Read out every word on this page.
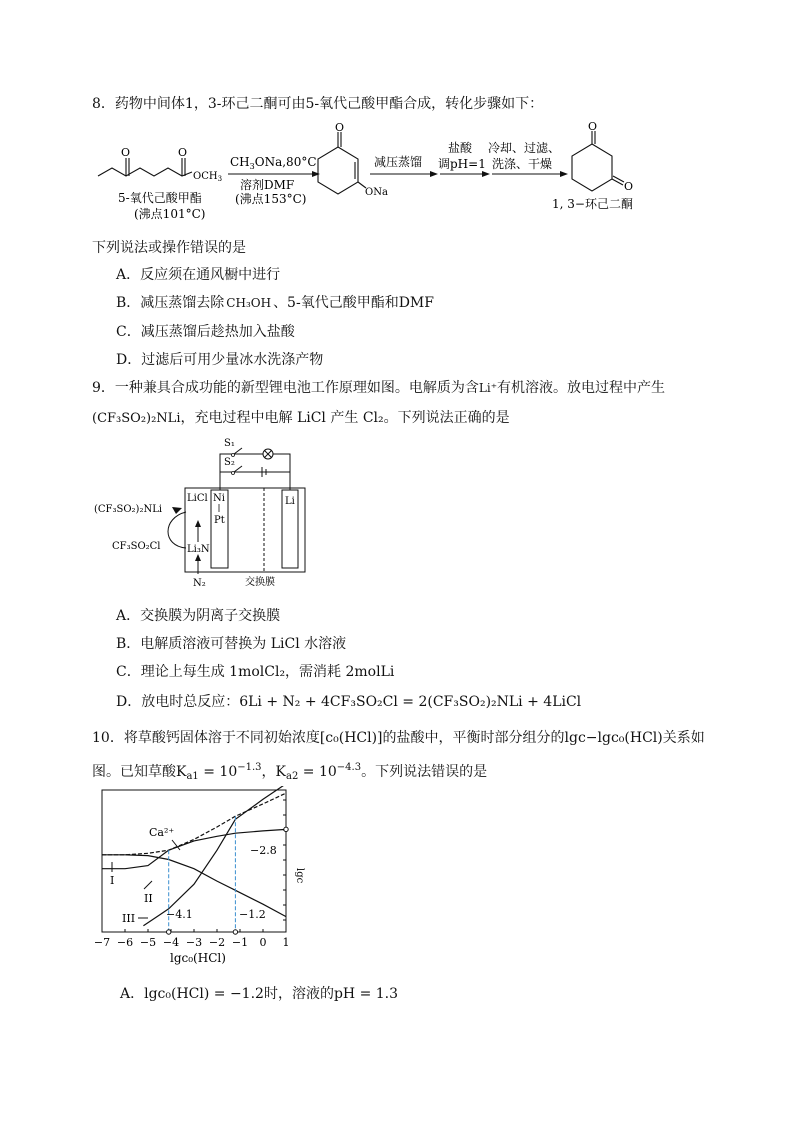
8．药物中间体1，3-环己二酮可由5-氧代己酸甲酯合成，转化步骤如下：
O	O
$OCH_3$
5-氧代己酸甲酯
(沸点101°C)
$CH_3ONa,80^\circ C$
溶剂DMF
(沸点153°C)
O
ONa
减压蒸馏
盐酸
调pH=1
冷却、过滤、
洗涤、干燥
O
O
1, 3−环己二酮
下列说法或操作错误的是
A．反应须在通风橱中进行
B．减压蒸馏去除 CH₃OH 、5-氧代己酸甲酯和DMF
C．减压蒸馏后趁热加入盐酸
D．过滤后可用少量冰水洗涤产物
9．一种兼具合成功能的新型锂电池工作原理如图。电解质为含Li⁺有机溶液。放电过程中产生
(CF₃SO₂)₂NLi，充电过程中电解 LiCl 产生 Cl₂。下列说法正确的是
S₁
S₂
LiCl Ni
Pt
Li
(CF₃SO₂)₂NLi
CF₃SO₂Cl	Li₃N
N₂	交换膜
A．交换膜为阴离子交换膜
B．电解质溶液可替换为 LiCl 水溶液
C．理论上每生成 1molCl₂，需消耗 2molLi
D．放电时总反应：6Li + N₂ + 4CF₃SO₂Cl = 2(CF₃SO₂)₂NLi + 4LiCl
10．将草酸钙固体溶于不同初始浓度[c₀(HCl)]的盐酸中，平衡时部分组分的lgc−lgc₀(HCl)关系如
图。已知草酸$K_{a1} = 10^{-1.3}$，$K_{a2} = 10^{-4.3}$。下列说法错误的是
−7 −6 −5 −4 −3 −2 −1 0 1
Ca²⁺
I
II
III
−2.8
−4.1	−1.2
lgc
lgc₀(HCl)
A．lgc₀(HCl) = −1.2时，溶液的pH = 1.3
